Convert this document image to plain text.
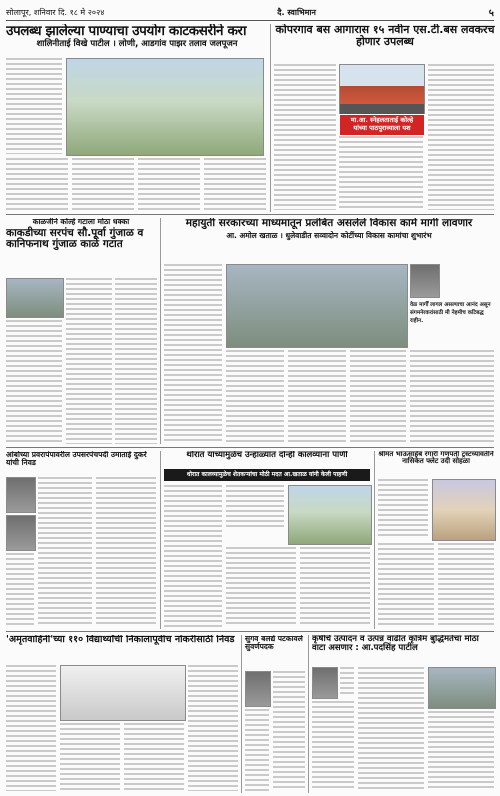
सोलापूर, शनिवार दि. १८ मे २०२४	दै. स्वाभिमान	५
उपलब्ध झालेल्या पाण्याचा उपयोग काटकसरीने करा
शालिनीताई विखे पाटील । लोणी, आडगांव पाझर तलाव जलपूजन
कोपरगाव बस आगारास १५ नवीन एस.टी.बस लवकरच होणार उपलब्ध
मा.आ. स्नेहलताताई कोल्हे यांच्या पाठपुराव्याला यश
काळजीने कोल्हे गटाला मोठा धक्का
काकडीच्या सरपंच सौ.पूर्वा गुंजाळ व कानिफनाथ गुंजाळ काळे गटात
महायुती सरकारच्या माध्यमातून प्रलंबित असलेले विकास कामे मार्गी लावणार
आ. अमोल खताळ । धुलेवाडीत सव्वादोन कोटींच्या विकास कामांचा शुभारंभ
वेळ मार्गीं लागल असल्याचा आनंद असून संगमनेरकरांसाठी मी नेहमीच कटिबद्ध राहीन.
आंबोच्या प्रवरापंपावरील उपसरपंचपदी उमाताई दुकरे यांची निवड
थोरात यांच्यामुळेच उन्हाळ्यात दोन्ही कालव्यांना पाणी
धोरात कालव्यामुळेच शेतकऱ्यांचा मोठी मदत आ.खताळ यांनी केली पाहणी
श्रीमंत भाऊसाहेब रंगारी गणपती ट्रस्टच्यावतीने नासिकेत फ्लेट उदी सोहळा
'अमृतवाहिनी'च्या ११० विद्यार्थ्यांची निकालापूर्वीच नोकरीसाठी निवड	सुगव बलद्ये पटकावले सुवर्णपदक
कृषीचे उत्पादन व उत्पन्न वाढीत कृत्रिम बुद्धिमतेचा मोठा वाटा असणार : आ.पदसिंह पाटील
